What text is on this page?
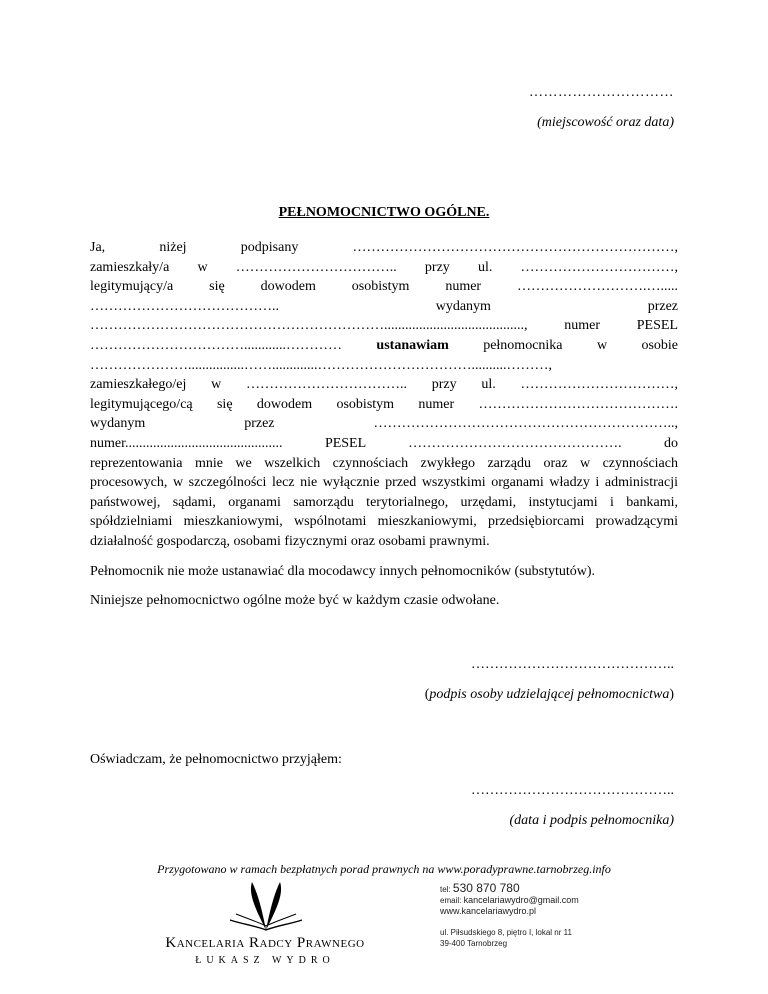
…………………………
(miejscowość oraz data)
PEŁNOMOCNICTWO OGÓLNE.
Ja,	niżej	podpisany	……………………………………………………………,
zamieszkały/a w …………………………….. przy ul. ……………………………,
legitymujący/a	się	dowodem	osobistym	numer	……………………….….....
…………………………………..	wydanym	przez
………………………………………………………........................................,	numer	PESEL
……………………………............………… ustanawiam pełnomocnika w osobie
…………………................…….............……………………………..........………,
zamieszkałego/ej w …………………………….. przy ul. ……………………………,
legitymującego/cą się dowodem osobistym numer …………………………………….
wydanym	przez	………………………………………………………..,
numer.............................................	PESEL	……………………………………….	do

reprezentowania mnie we wszelkich czynnościach zwykłego zarządu oraz w czynnościach procesowych, w szczególności lecz nie wyłącznie przed wszystkimi organami władzy i administracji państwowej, sądami, organami samorządu terytorialnego, urzędami, instytucjami i bankami, spółdzielniami mieszkaniowymi, wspólnotami mieszkaniowymi, przedsiębiorcami prowadzącymi działalność gospodarczą, osobami fizycznymi oraz osobami prawnymi.

Pełnomocnik nie może ustanawiać dla mocodawcy innych pełnomocników (substytutów).

Niniejsze pełnomocnictwo ogólne może być w każdym czasie odwołane.

……………………………………..
(podpis osoby udzielającej pełnomocnictwa)
Oświadczam, że pełnomocnictwo przyjąłem:
……………………………………..
(data i podpis pełnomocnika)
Przygotowano w ramach bezpłatnych porad prawnych na www.poradyprawne.tarnobrzeg.info
Kancelaria Radcy Prawnego
ŁUKASZ WYDRO
tel: 530 870 780
email: kancelariawydro@gmail.com
www.kancelariawydro.pl
ul. Piłsudskiego 8, piętro I, lokal nr 11
39-400 Tarnobrzeg
